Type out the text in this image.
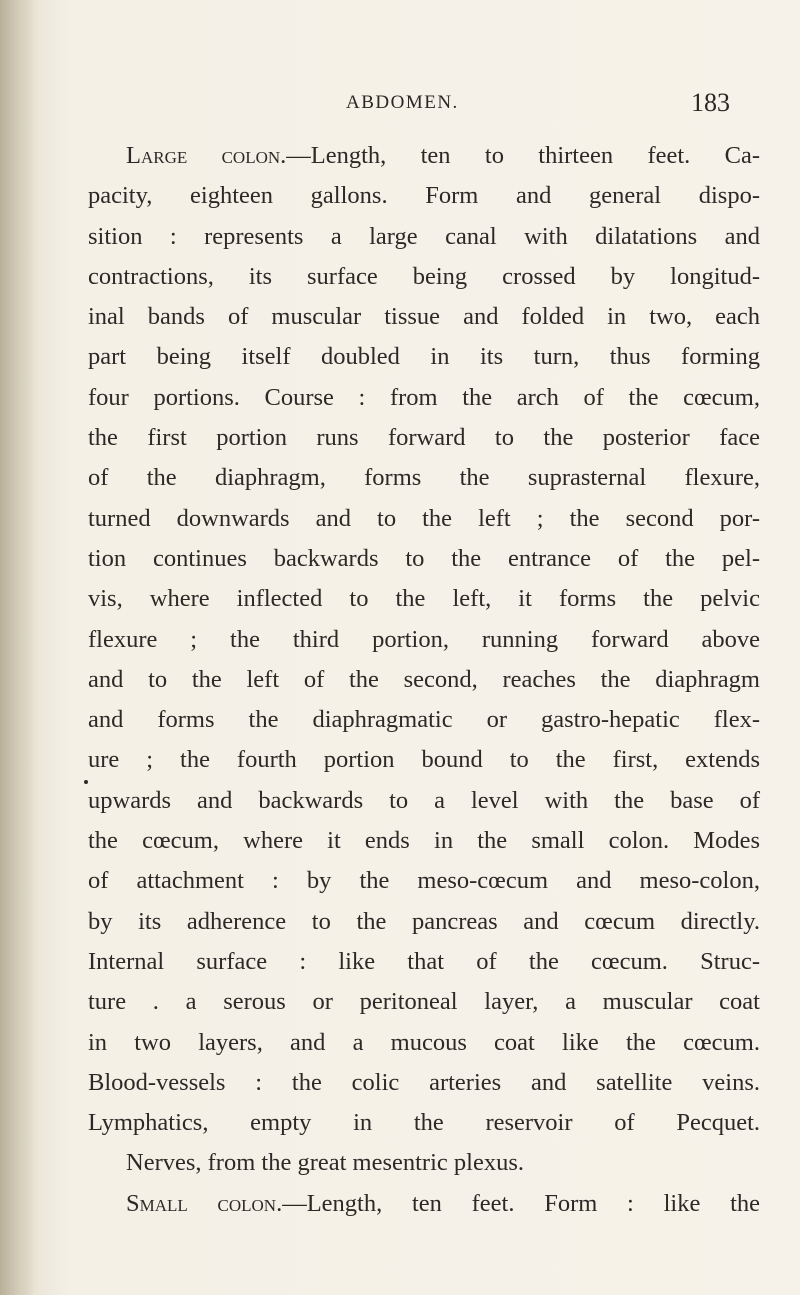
ABDOMEN.	183
Large colon.—Length, ten to thirteen feet. Ca-
pacity, eighteen gallons. Form and general dispo-
sition : represents a large canal with dilatations and
contractions, its surface being crossed by longitud-
inal bands of muscular tissue and folded in two, each
part being itself doubled in its turn, thus forming
four portions. Course : from the arch of the cœcum,
the first portion runs forward to the posterior face
of the diaphragm, forms the suprasternal flexure,
turned downwards and to the left ; the second por-
tion continues backwards to the entrance of the pel-
vis, where inflected to the left, it forms the pelvic
flexure ; the third portion, running forward above
and to the left of the second, reaches the diaphragm
and forms the diaphragmatic or gastro-hepatic flex-
ure ; the fourth portion bound to the first, extends
upwards and backwards to a level with the base of
the cœcum, where it ends in the small colon. Modes
of attachment : by the meso-cœcum and meso-colon,
by its adherence to the pancreas and cœcum directly.
Internal surface : like that of the cœcum. Struc-
ture . a serous or peritoneal layer, a muscular coat
in two layers, and a mucous coat like the cœcum.
Blood-vessels : the colic arteries and satellite veins.
Lymphatics, empty in the reservoir of Pecquet.
Nerves, from the great mesentric plexus.
Small colon.—Length, ten feet. Form : like the
